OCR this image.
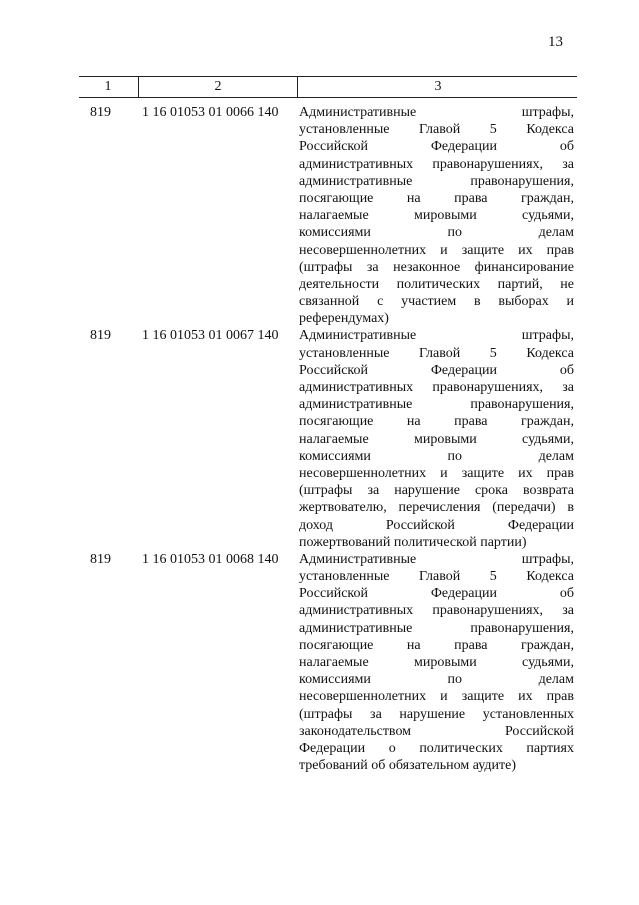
13
1	2	3
819 1 16 01053 01 0066 140 Административные штрафы,
установленные Главой 5 Кодекса
Российской Федерации об
административных правонарушениях, за
административные правонарушения,
посягающие на права граждан,
налагаемые мировыми судьями,
комиссиями по делам
несовершеннолетних и защите их прав
(штрафы за незаконное финансирование
деятельности политических партий, не
связанной с участием в выборах и
референдумах)
819 1 16 01053 01 0067 140 Административные штрафы,
установленные Главой 5 Кодекса
Российской Федерации об
административных правонарушениях, за
административные правонарушения,
посягающие на права граждан,
налагаемые мировыми судьями,
комиссиями по делам
несовершеннолетних и защите их прав
(штрафы за нарушение срока возврата
жертвователю, перечисления (передачи) в
доход Российской Федерации
пожертвований политической партии)
819 1 16 01053 01 0068 140 Административные штрафы,
установленные Главой 5 Кодекса
Российской Федерации об
административных правонарушениях, за
административные правонарушения,
посягающие на права граждан,
налагаемые мировыми судьями,
комиссиями по делам
несовершеннолетних и защите их прав
(штрафы за нарушение установленных
законодательством Российской
Федерации о политических партиях
требований об обязательном аудите)
